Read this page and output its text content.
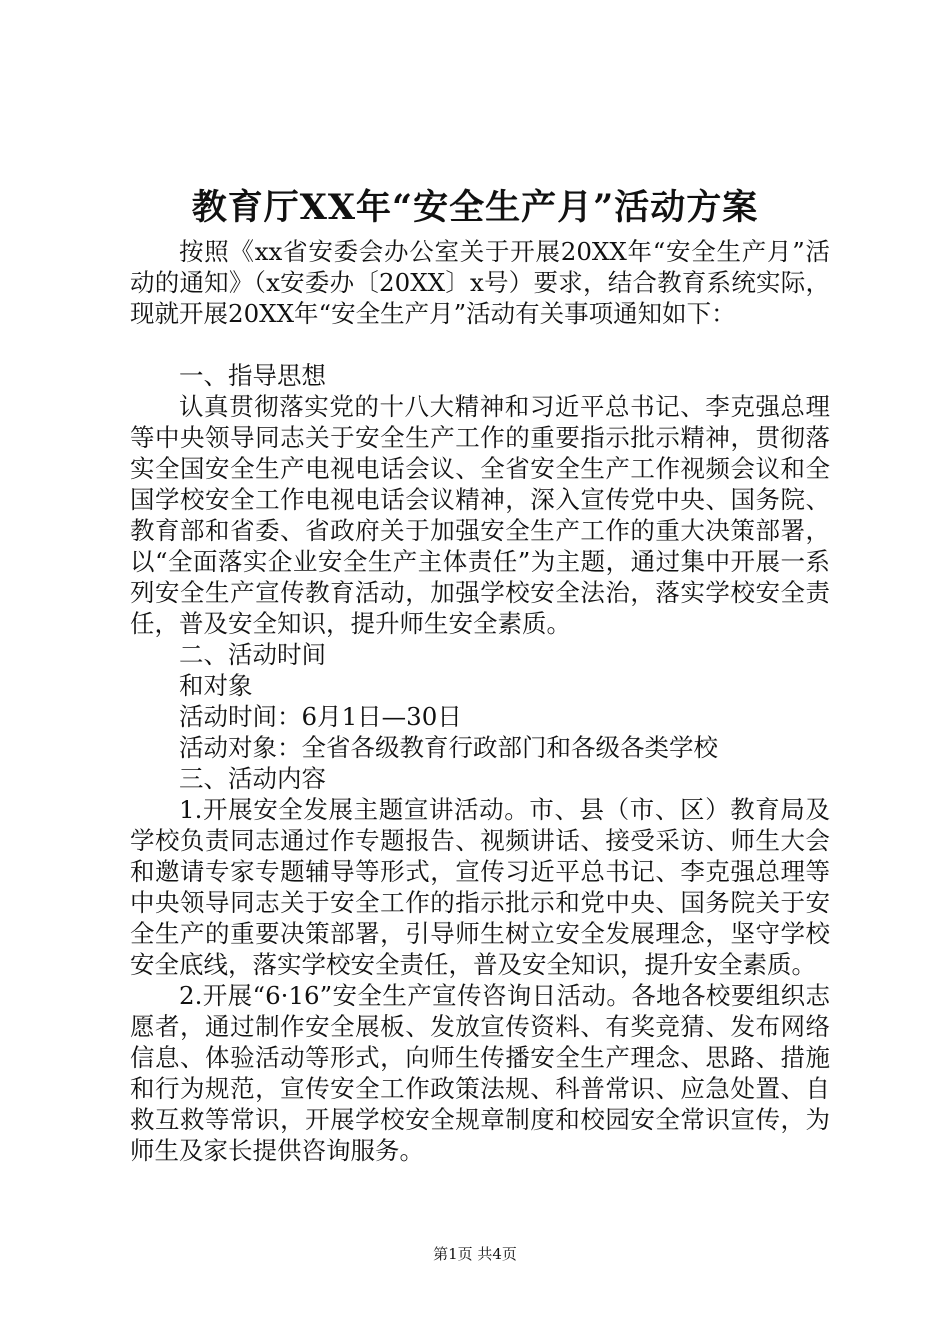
教育厅XX年“安全生产月”活动方案

按照《xx省安委会办公室关于开展20XX年“安全生产月”活动的通知》（x安委办〔20XX〕x号）要求，结合教育系统实际，现就开展20XX年“安全生产月”活动有关事项通知如下：

一、指导思想

认真贯彻落实党的十八大精神和习近平总书记、李克强总理等中央领导同志关于安全生产工作的重要指示批示精神，贯彻落实全国安全生产电视电话会议、全省安全生产工作视频会议和全国学校安全工作电视电话会议精神，深入宣传党中央、国务院、教育部和省委、省政府关于加强安全生产工作的重大决策部署，以“全面落实企业安全生产主体责任”为主题，通过集中开展一系列安全生产宣传教育活动，加强学校安全法治，落实学校安全责任，普及安全知识，提升师生安全素质。

二、活动时间

和对象

活动时间：6月1日—30日

活动对象：全省各级教育行政部门和各级各类学校

三、活动内容

1.开展安全发展主题宣讲活动。市、县（市、区）教育局及学校负责同志通过作专题报告、视频讲话、接受采访、师生大会和邀请专家专题辅导等形式，宣传习近平总书记、李克强总理等中央领导同志关于安全工作的指示批示和党中央、国务院关于安全生产的重要决策部署，引导师生树立安全发展理念，坚守学校安全底线，落实学校安全责任，普及安全知识，提升安全素质。

2.开展“6·16”安全生产宣传咨询日活动。各地各校要组织志愿者，通过制作安全展板、发放宣传资料、有奖竞猜、发布网络信息、体验活动等形式，向师生传播安全生产理念、思路、措施和行为规范，宣传安全工作政策法规、科普常识、应急处置、自救互救等常识，开展学校安全规章制度和校园安全常识宣传，为师生及家长提供咨询服务。

第1页 共4页
